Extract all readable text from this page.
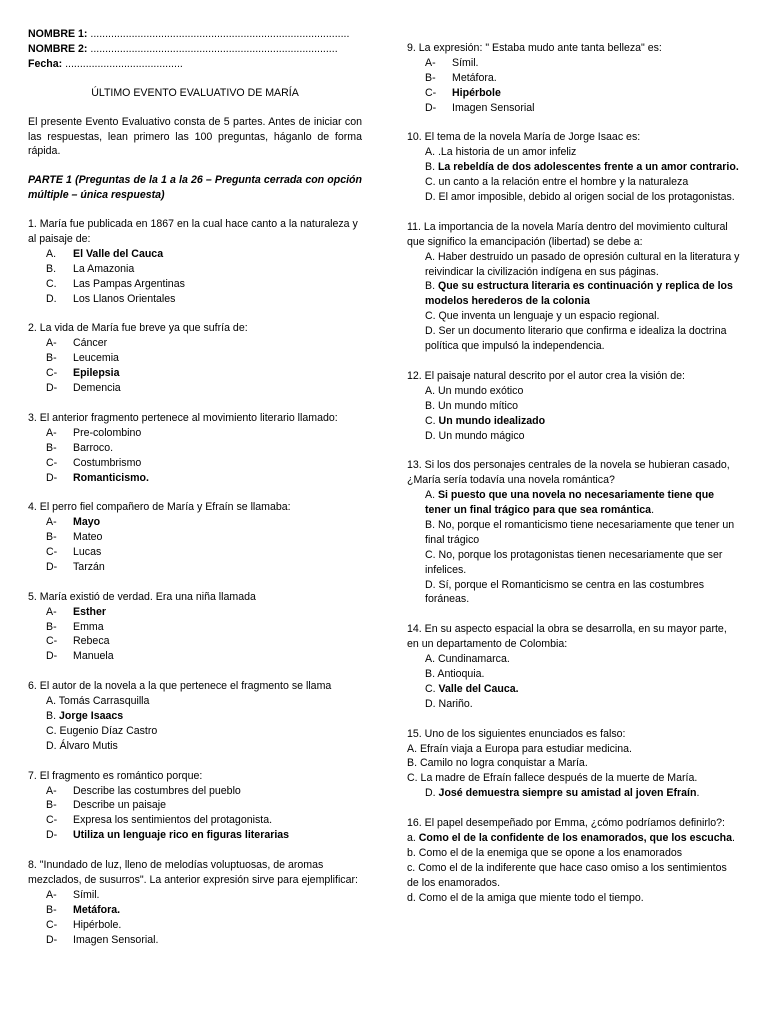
NOMBRE 1: ........................................................................................
NOMBRE 2: ....................................................................................
Fecha: ........................................
ÚLTIMO EVENTO EVALUATIVO DE MARÍA
El presente Evento Evaluativo consta de 5 partes. Antes de iniciar con las respuestas, lean primero las 100 preguntas, háganlo de forma rápida.
PARTE 1 (Preguntas de la 1 a la 26 – Pregunta cerrada con opción múltiple – única respuesta)
1. María fue publicada en 1867 en la cual hace canto a la naturaleza y al paisaje de:
A.	El Valle del Cauca
B.	La Amazonia
C.	Las Pampas Argentinas
D.	Los Llanos Orientales
2. La vida de María fue breve ya que sufría de:
A-	Cáncer
B-	Leucemia
C-	Epilepsia
D-	Demencia
3. El anterior fragmento pertenece al movimiento literario llamado:
A-	Pre-colombino
B-	Barroco.
C-	Costumbrismo
D-	Romanticismo.
4. El perro fiel compañero de María y Efraín se llamaba:
A-	Mayo
B-	Mateo
C-	Lucas
D-	Tarzán
5. María existió de verdad. Era una niña llamada
A-	Esther
B-	Emma
C-	Rebeca
D-	Manuela
6. El autor de la novela a la que pertenece el fragmento se llama
A. Tomás Carrasquilla
B. Jorge Isaacs
C. Eugenio Díaz Castro
D. Álvaro Mutis
7. El fragmento es romántico porque:
A-	Describe las costumbres del pueblo
B-	Describe un paisaje
C-	Expresa los sentimientos del protagonista.
D-	Utiliza un lenguaje rico en figuras literarias
8. "Inundado de luz, lleno de melodías voluptuosas, de aromas mezclados, de susurros". La anterior expresión sirve para ejemplificar:
A-	Símil.
B-	Metáfora.
C-	Hipérbole.
D-	Imagen Sensorial.
9. La expresión: " Estaba mudo ante tanta belleza" es:
A-	Símil.
B-	Metáfora.
C-	Hipérbole
D-	Imagen Sensorial
10. El tema de la novela María de Jorge Isaac es:
A. .La historia de un amor infeliz
B. La rebeldía de dos adolescentes frente a un amor contrario.
C. un canto a la relación entre el hombre y la naturaleza
D. El amor imposible, debido al origen social de los protagonistas.
11. La importancia de la novela María dentro del movimiento cultural que significo la emancipación (libertad) se debe a:
A. Haber destruido un pasado de opresión cultural en la literatura y reivindicar la civilización indígena en sus páginas.
B. Que su estructura literaria es continuación y replica de los modelos herederos de la colonia
C. Que inventa un lenguaje y un espacio regional.
D. Ser un documento literario que confirma e idealiza la doctrina política que impulsó la independencia.
12. El paisaje natural descrito por el autor crea la visión de:
A. Un mundo exótico
B. Un mundo mítico
C. Un mundo idealizado
D. Un mundo mágico
13. Si los dos personajes centrales de la novela se hubieran casado, ¿María sería todavía una novela romántica?
A. Si puesto que una novela no necesariamente tiene que tener un final trágico para que sea romántica.
B. No, porque el romanticismo tiene necesariamente que tener un final trágico
C. No, porque los protagonistas tienen necesariamente que ser infelices.
D. Sí, porque el Romanticismo se centra en las costumbres foráneas.
14. En su aspecto espacial la obra se desarrolla, en su mayor parte, en un departamento de Colombia:
A. Cundinamarca.
B. Antioquia.
C. Valle del Cauca.
D. Nariño.
15. Uno de los siguientes enunciados es falso:
A. Efraín viaja a Europa para estudiar medicina.
B. Camilo no logra conquistar a María.
C. La madre de Efraín fallece después de la muerte de María.
D. José demuestra siempre su amistad al joven Efraín.
16. El papel desempeñado por Emma, ¿cómo podríamos definirlo?:
a. Como el de la confidente de los enamorados, que los escucha.
b. Como el de la enemiga que se opone a los enamorados
c. Como el de la indiferente que hace caso omiso a los sentimientos de los enamorados.
d. Como el de la amiga que miente todo el tiempo.
